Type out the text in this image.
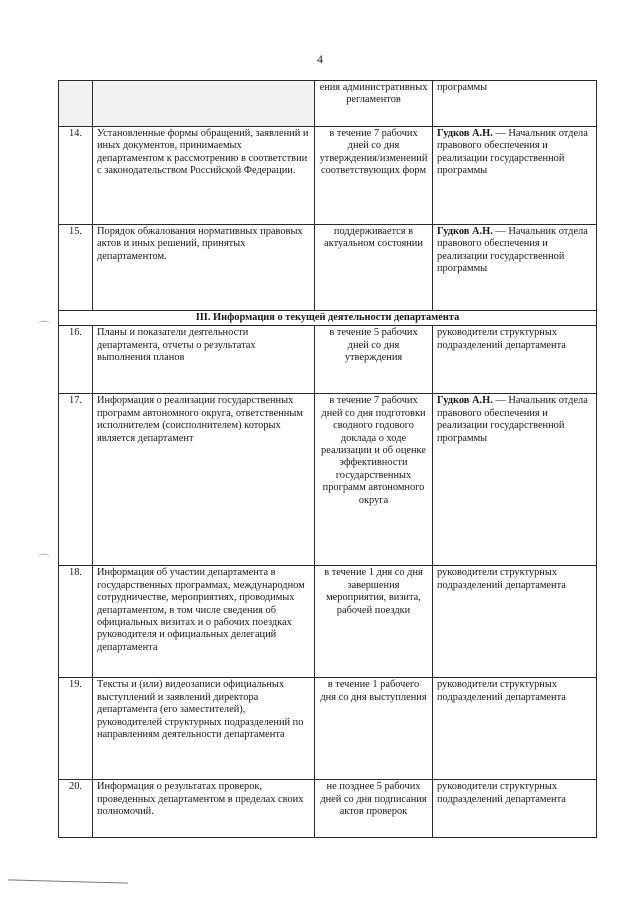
4
		ения административных регламентов	программы
14.	Установленные формы обращений, заявлений и иных документов, принимаемых департаментом к рассмотрению в соответствии с законодательством Российской Федерации.	в течение 7 рабочих дней со дня утверждения/изменений соответствующих форм	Гудков А.Н. — Начальник отдела правового обеспечения и реализации государственной программы
15.	Порядок обжалования нормативных правовых актов и иных решений, принятых департаментом.	поддерживается в актуальном состоянии	Гудков А.Н. — Начальник отдела правового обеспечения и реализации государственной программы
III. Информация о текущей деятельности департамента			
16.	Планы и показатели деятельности департамента, отчеты о результатах выполнения планов	в течение 5 рабочих дней со дня утверждения	руководители структурных подразделений департамента
17.	Информация о реализации государственных программ автономного округа, ответственным исполнителем (соисполнителем) которых является департамент	в течение 7 рабочих дней со дня подготовки сводного годового доклада о ходе реализации и об оценке эффективности государственных программ автономного округа	Гудков А.Н. — Начальник отдела правового обеспечения и реализации государственной программы
18.	Информация об участии департамента в государственных программах, международном сотрудничестве, мероприятиях, проводимых департаментом, в том числе сведения об официальных визитах и о рабочих поездках руководителя и официальных делегаций департамента	в течение 1 дня со дня завершения мероприятия, визита, рабочей поездки	руководители структурных подразделений департамента
19.	Тексты и (или) видеозаписи официальных выступлений и заявлений директора департамента (его заместителей), руководителей структурных подразделений по направлениям деятельности департамента	в течение 1 рабочего дня со дня выступления	руководители структурных подразделений департамента
20.	Информация о результатах проверок, проведенных департаментом в пределах своих полномочий.	не позднее 5 рабочих дней со дня подписания актов проверок	руководители структурных подразделений департамента
⌒
⌒
